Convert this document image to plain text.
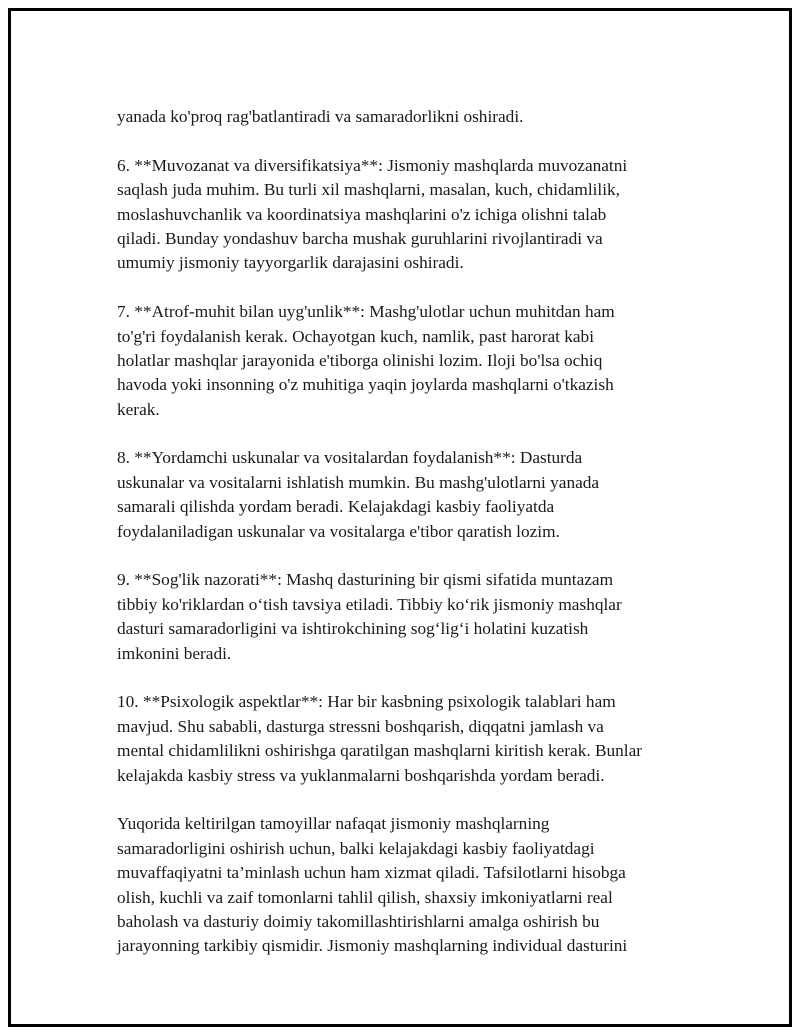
yanada ko'proq rag'batlantiradi va samaradorlikni oshiradi.
6. **Muvozanat va diversifikatsiya**: Jismoniy mashqlarda muvozanatni
saqlash juda muhim. Bu turli xil mashqlarni, masalan, kuch, chidamlilik,
moslashuvchanlik va koordinatsiya mashqlarini o'z ichiga olishni talab
qiladi. Bunday yondashuv barcha mushak guruhlarini rivojlantiradi va
umumiy jismoniy tayyorgarlik darajasini oshiradi.
7. **Atrof-muhit bilan uyg'unlik**: Mashg'ulotlar uchun muhitdan ham
to'g'ri foydalanish kerak. Ochayotgan kuch, namlik, past harorat kabi
holatlar mashqlar jarayonida e'tiborga olinishi lozim. Iloji bo'lsa ochiq
havoda yoki insonning o'z muhitiga yaqin joylarda mashqlarni o'tkazish
kerak.
8. **Yordamchi uskunalar va vositalardan foydalanish**: Dasturda
uskunalar va vositalarni ishlatish mumkin. Bu mashg'ulotlarni yanada
samarali qilishda yordam beradi. Kelajakdagi kasbiy faoliyatda
foydalaniladigan uskunalar va vositalarga e'tibor qaratish lozim.
9. **Sog'lik nazorati**: Mashq dasturining bir qismi sifatida muntazam
tibbiy ko'riklardan o‘tish tavsiya etiladi. Tibbiy ko‘rik jismoniy mashqlar
dasturi samaradorligini va ishtirokchining sog‘lig‘i holatini kuzatish
imkonini beradi.
10. **Psixologik aspektlar**: Har bir kasbning psixologik talablari ham
mavjud. Shu sababli, dasturga stressni boshqarish, diqqatni jamlash va
mental chidamlilikni oshirishga qaratilgan mashqlarni kiritish kerak. Bunlar
kelajakda kasbiy stress va yuklanmalarni boshqarishda yordam beradi.
Yuqorida keltirilgan tamoyillar nafaqat jismoniy mashqlarning
samaradorligini oshirish uchun, balki kelajakdagi kasbiy faoliyatdagi
muvaffaqiyatni ta’minlash uchun ham xizmat qiladi. Tafsilotlarni hisobga
olish, kuchli va zaif tomonlarni tahlil qilish, shaxsiy imkoniyatlarni real
baholash va dasturiy doimiy takomillashtirishlarni amalga oshirish bu
jarayonning tarkibiy qismidir. Jismoniy mashqlarning individual dasturini
